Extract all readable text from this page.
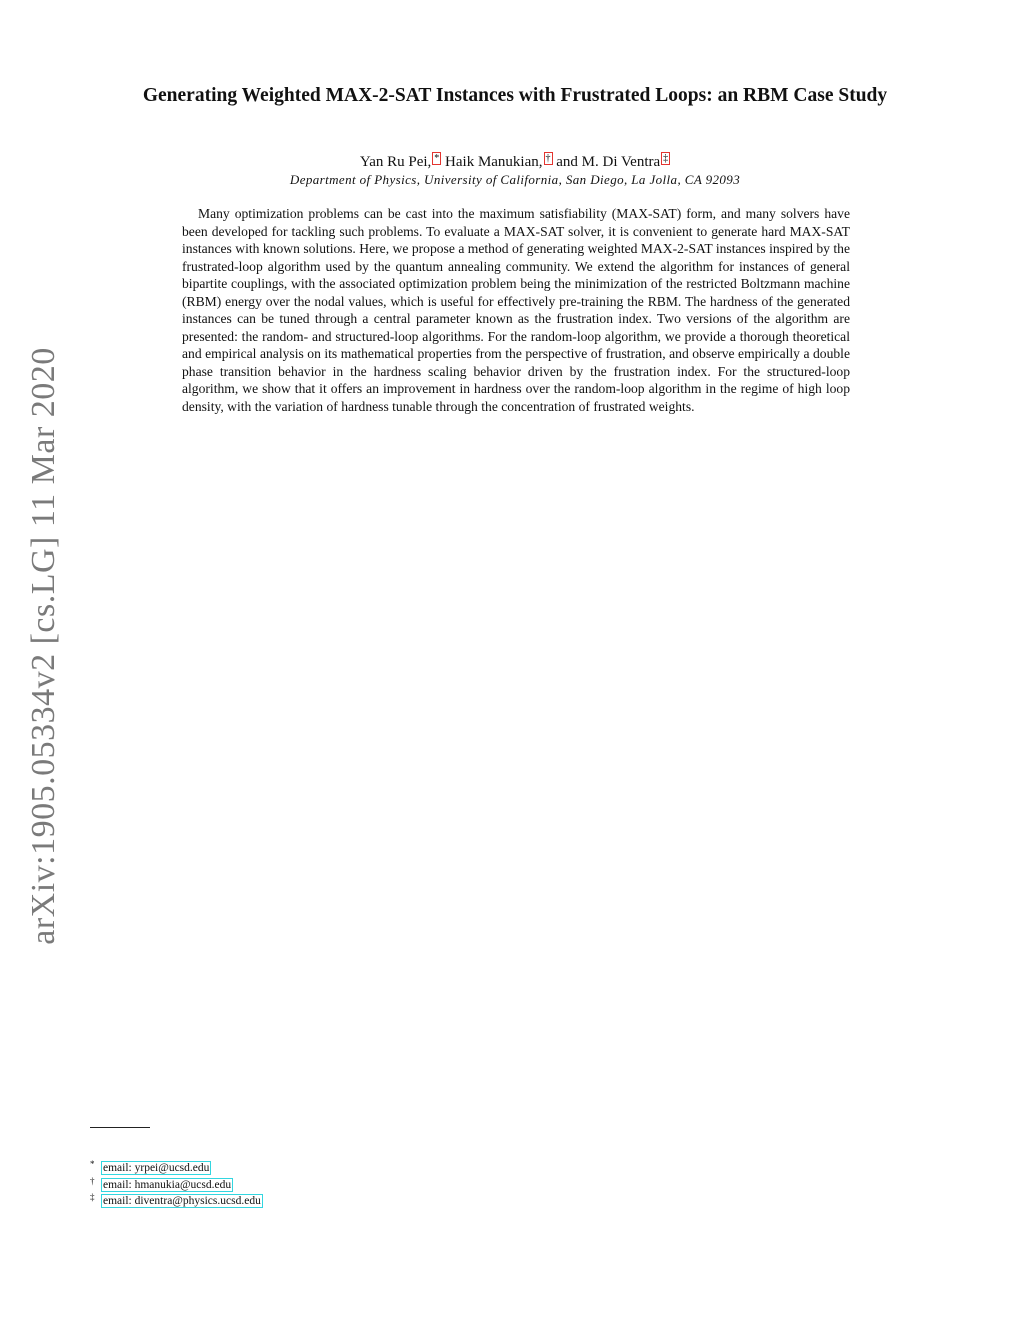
arXiv:1905.05334v2 [cs.LG] 11 Mar 2020
Generating Weighted MAX-2-SAT Instances with Frustrated Loops: an RBM Case Study
Yan Ru Pei, * Haik Manukian, † and M. Di Ventra ‡
Department of Physics, University of California, San Diego, La Jolla, CA 92093

Many optimization problems can be cast into the maximum satisfiability (MAX-SAT) form, and many solvers have been developed for tackling such problems. To evaluate a MAX-SAT solver, it is convenient to generate hard MAX-SAT instances with known solutions. Here, we propose a method of generating weighted MAX-2-SAT instances inspired by the frustrated-loop algorithm used by the quantum annealing community. We extend the algorithm for instances of general bipartite couplings, with the associated optimization problem being the minimization of the restricted Boltzmann machine (RBM) energy over the nodal values, which is useful for effectively pre-training the RBM. The hardness of the generated instances can be tuned through a central parameter known as the frustration index. Two versions of the algorithm are presented: the random- and structured-loop algorithms. For the random-loop algorithm, we provide a thorough theoretical and empirical analysis on its mathematical properties from the perspective of frustration, and observe empirically a double phase transition behavior in the hardness scaling behavior driven by the frustration index. For the structured-loop algorithm, we show that it offers an improvement in hardness over the random-loop algorithm in the regime of high loop density, with the variation of hardness tunable through the concentration of frustrated weights.

* email: yrpei@ucsd.edu
† email: hmanukia@ucsd.edu
‡ email: diventra@physics.ucsd.edu
